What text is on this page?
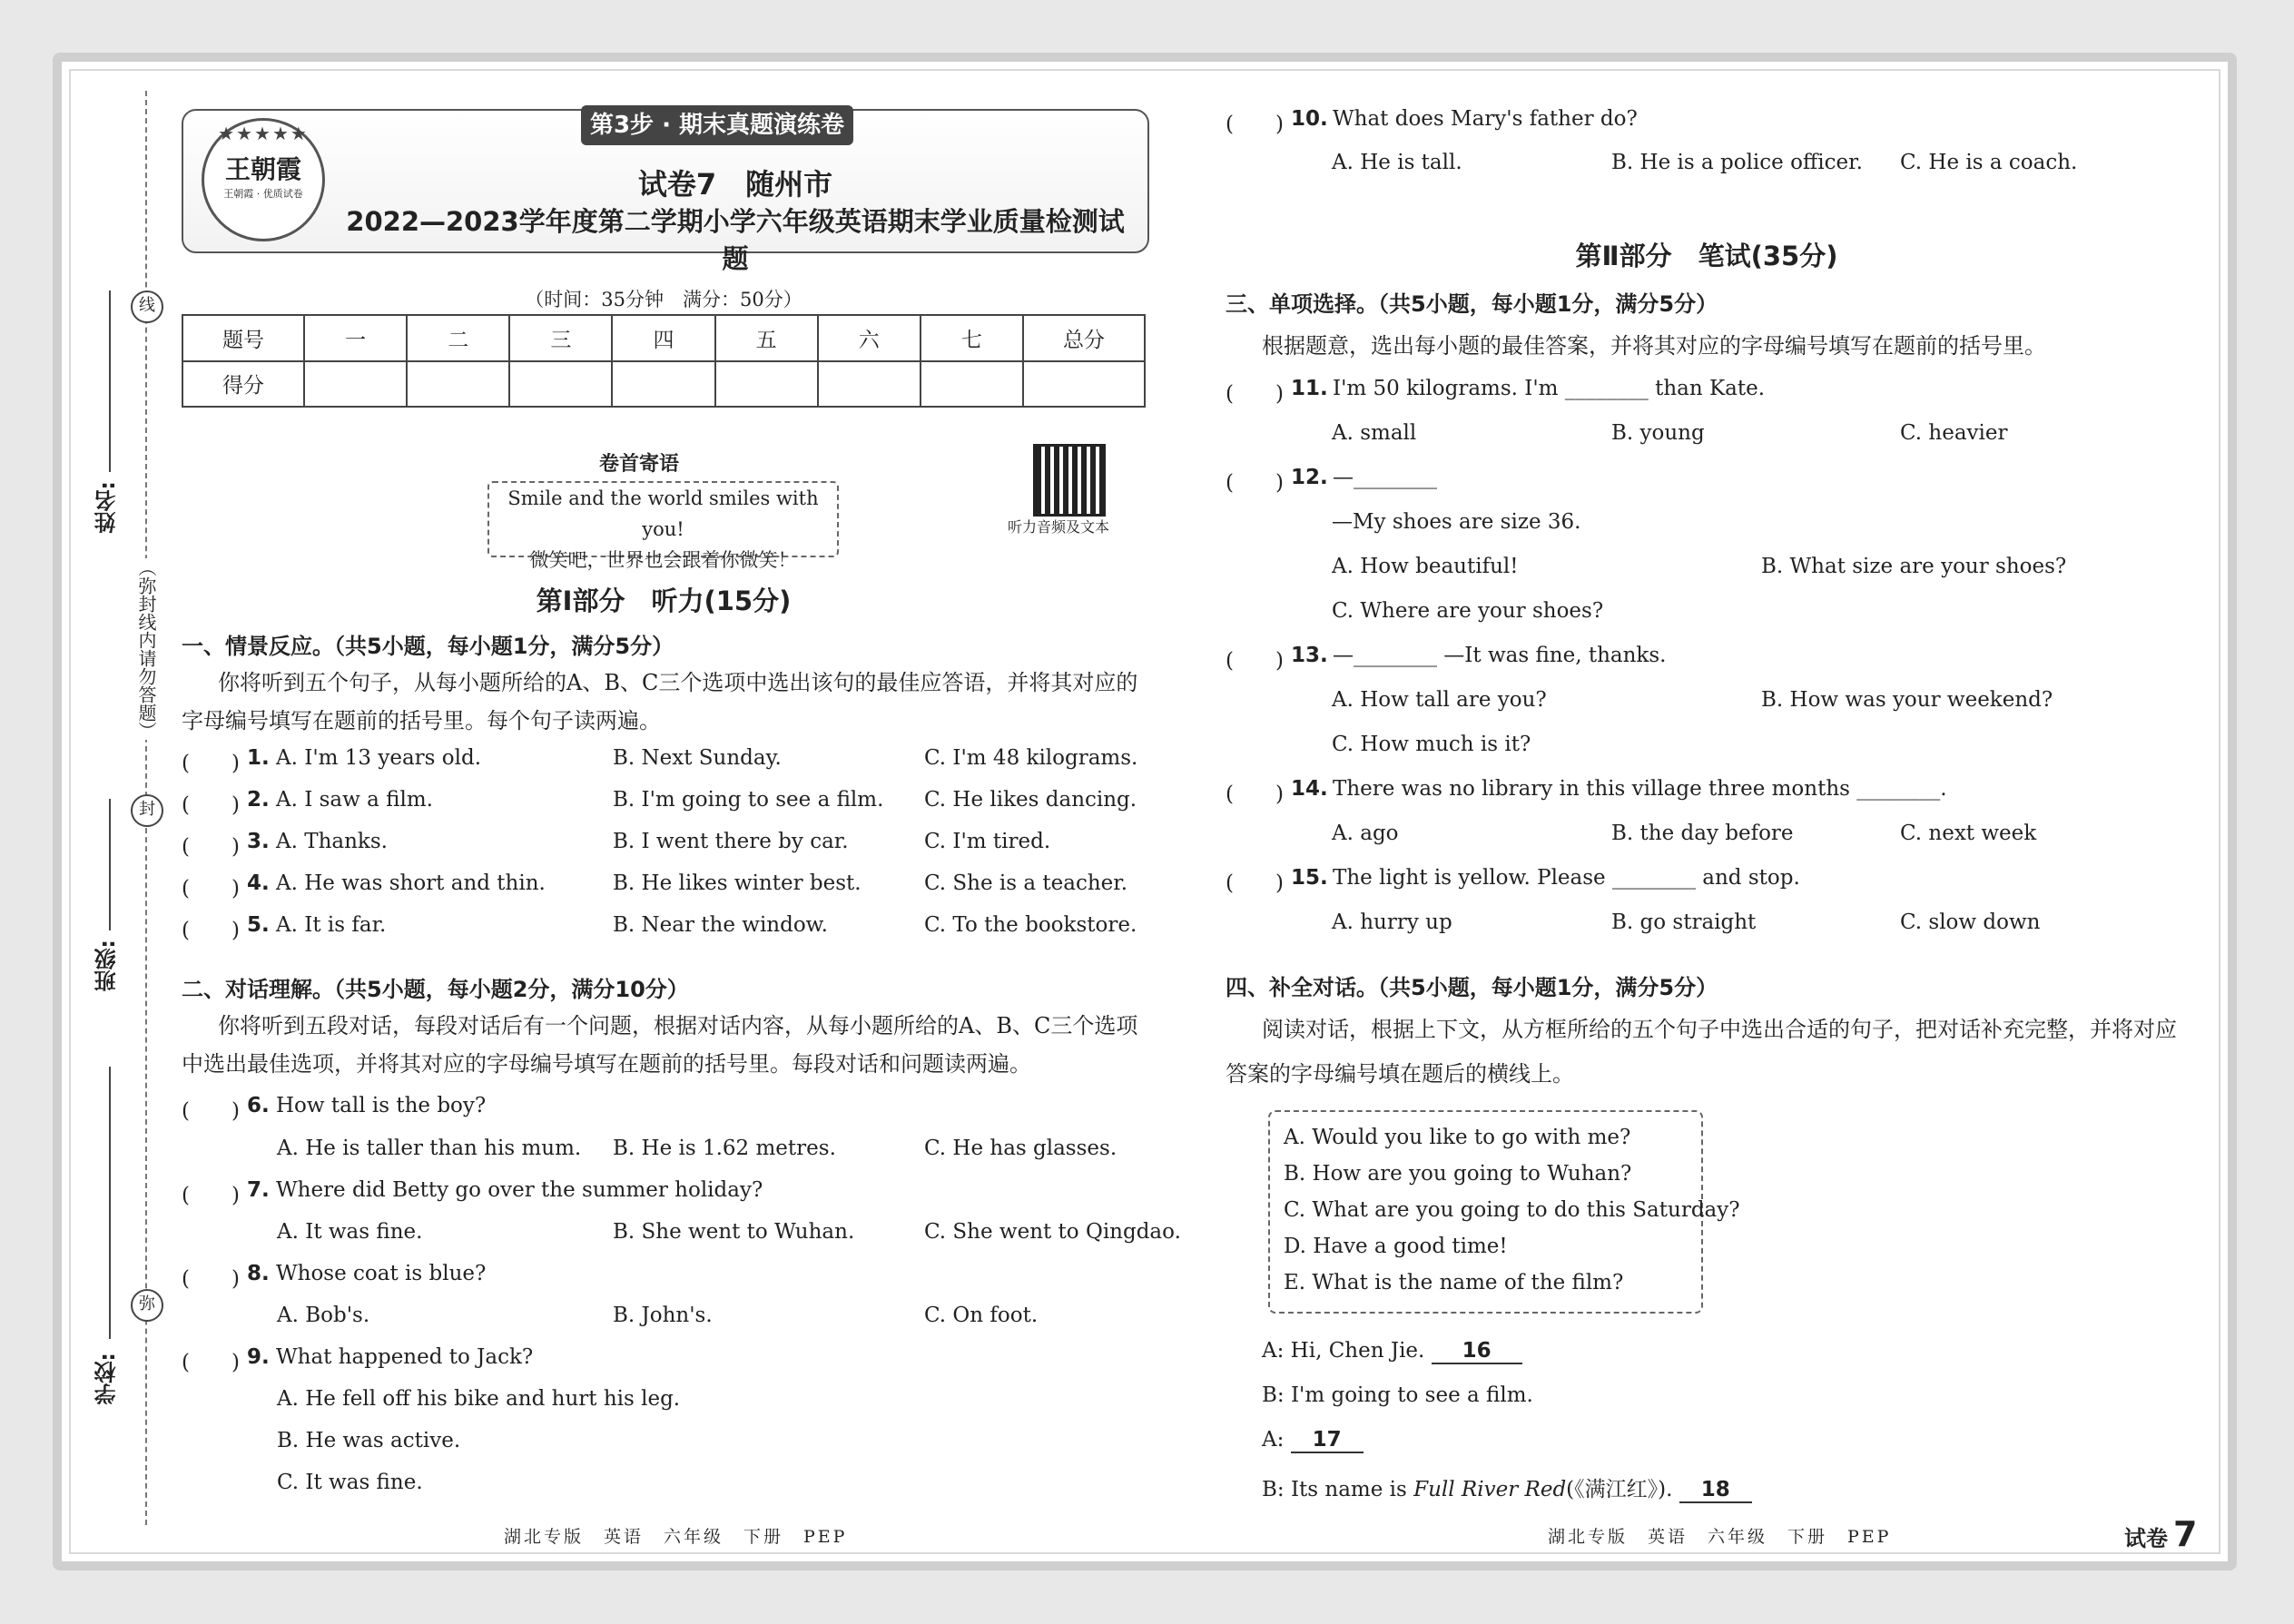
线
姓名:
（弥封线内请勿答题）
封
班级:
弥
学校:
★★★★★
王朝霞
王朝霞 · 优质试卷
第3步 · 期末真题演练卷
试卷7　随州市
2022—2023学年度第二学期小学六年级英语期末学业质量检测试题
（时间：35分钟　满分：50分）
题号	一	二	三	四	五	六	七	总分
得分								
卷首寄语
Smile and the world smiles with you!
微笑吧，世界也会跟着你微笑！
听力音频及文本
第Ⅰ部分　听力(15分)
一、情景反应。（共5小题，每小题1分，满分5分）
你将听到五个句子，从每小题所给的A、B、C三个选项中选出该句的最佳应答语，并将其对应的字母编号填写在题前的括号里。每个句子读两遍。
(　　) 1. A. I'm 13 years old.	B. Next Sunday.	C. I'm 48 kilograms.
(　　) 2. A. I saw a film.	B. I'm going to see a film. C. He likes dancing.
(　　) 3. A. Thanks.	B. I went there by car.	C. I'm tired.
(　　) 4. A. He was short and thin.	B. He likes winter best.	C. She is a teacher.
(　　) 5. A. It is far.	B. Near the window.	C. To the bookstore.
二、对话理解。（共5小题，每小题2分，满分10分）
你将听到五段对话，每段对话后有一个问题，根据对话内容，从每小题所给的A、B、C三个选项中选出最佳选项，并将其对应的字母编号填写在题前的括号里。每段对话和问题读两遍。
(　　) 6. How tall is the boy?
A. He is taller than his mum. B. He is 1.62 metres.	C. He has glasses.
(　　) 7. Where did Betty go over the summer holiday?
A. It was fine.	B. She went to Wuhan.	C. She went to Qingdao.
(　　) 8. Whose coat is blue?
A. Bob's.	B. John's.	C. On foot.
(　　) 9. What happened to Jack?
A. He fell off his bike and hurt his leg.
B. He was active.
C. It was fine.
湖北专版　英语　六年级　下册　PEP
(　　) 10. What does Mary's father do?
A. He is tall.	B. He is a police officer. C. He is a coach.
第Ⅱ部分　笔试(35分)
三、单项选择。（共5小题，每小题1分，满分5分）
根据题意，选出每小题的最佳答案，并将其对应的字母编号填写在题前的括号里。
(　　) 11. I'm 50 kilograms. I'm ________ than Kate.
A. small	B. young	C. heavier
(　　) 12. —________
—My shoes are size 36.
A. How beautiful!	B. What size are your shoes?
C. Where are your shoes?
(　　) 13. —________ —It was fine, thanks.
A. How tall are you?	B. How was your weekend?
C. How much is it?
(　　) 14. There was no library in this village three months ________.
A. ago	B. the day before	C. next week
(　　) 15. The light is yellow. Please ________ and stop.
A. hurry up	B. go straight	C. slow down
四、补全对话。（共5小题，每小题1分，满分5分）
阅读对话，根据上下文，从方框所给的五个句子中选出合适的句子，把对话补充完整，并将对应答案的字母编号填在题后的横线上。
A. Would you like to go with me?
B. How are you going to Wuhan?
C. What are you going to do this Saturday?
D. Have a good time!
E. What is the name of the film?
A: Hi, Chen Jie. 16
B: I'm going to see a film.
A: 17
B: Its name is Full River Red(《满江红》). 18
湖北专版　英语　六年级　下册　PEP	试卷 7
